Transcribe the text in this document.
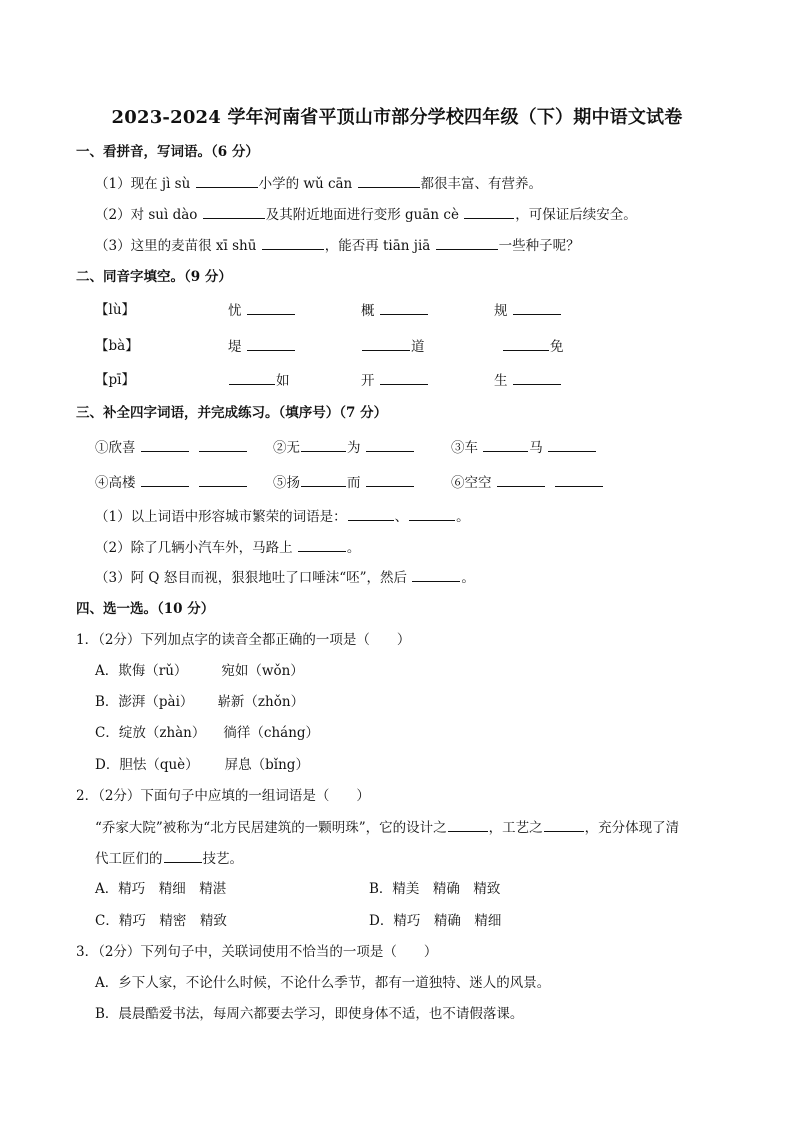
2023-2024 学年河南省平顶山市部分学校四年级（下）期中语文试卷
一、看拼音，写词语。（6 分）
（1）现在 jì sù	小学的 wǔ cān	都很丰富、有营养。
（2）对 suì dào	及其附近地面进行变形 guān cè	，可保证后续安全。
（3）这里的麦苗很 xī shū	，能否再 tiān jiā	一些种子呢？
二、同音字填空。（9 分）
【lù】	忧	概	规
【bà】	堤	道	免
【pī】	如	开	生
三、补全四字词语，并完成练习。（填序号）（7 分）
①欣喜	②无	为	③车	马
④高楼	⑤扬	而	⑥空空
（1）以上词语中形容城市繁荣的词语是：	、	。
（2）除了几辆小汽车外，马路上	。
（3）阿 Q 怒目而视，狠狠地吐了口唾沫“呸”，然后	。
四、选一选。（10 分）
1．（2分）下列加点字的读音全都正确的一项是（　　）
A．欺侮（rǔ）	宛如（wǒn）
B．澎湃（pài） 崭新（zhǒn）
C．绽放（zhàn） 徜徉（cháng）
D．胆怯（què） 屏息（bǐng）
2．（2分）下面句子中应填的一组词语是（　　）
“乔家大院”被称为“北方民居建筑的一颗明珠”，它的设计之	，工艺之	，充分体现了清
代工匠们的	技艺。
A．精巧　精细　精湛	B．精美　精确　精致
C．精巧　精密　精致	D．精巧　精确　精细
3．（2分）下列句子中，关联词使用不恰当的一项是（　　）
A．乡下人家，不论什么时候，不论什么季节，都有一道独特、迷人的风景。
B．晨晨酷爱书法，每周六都要去学习，即使身体不适，也不请假落课。
